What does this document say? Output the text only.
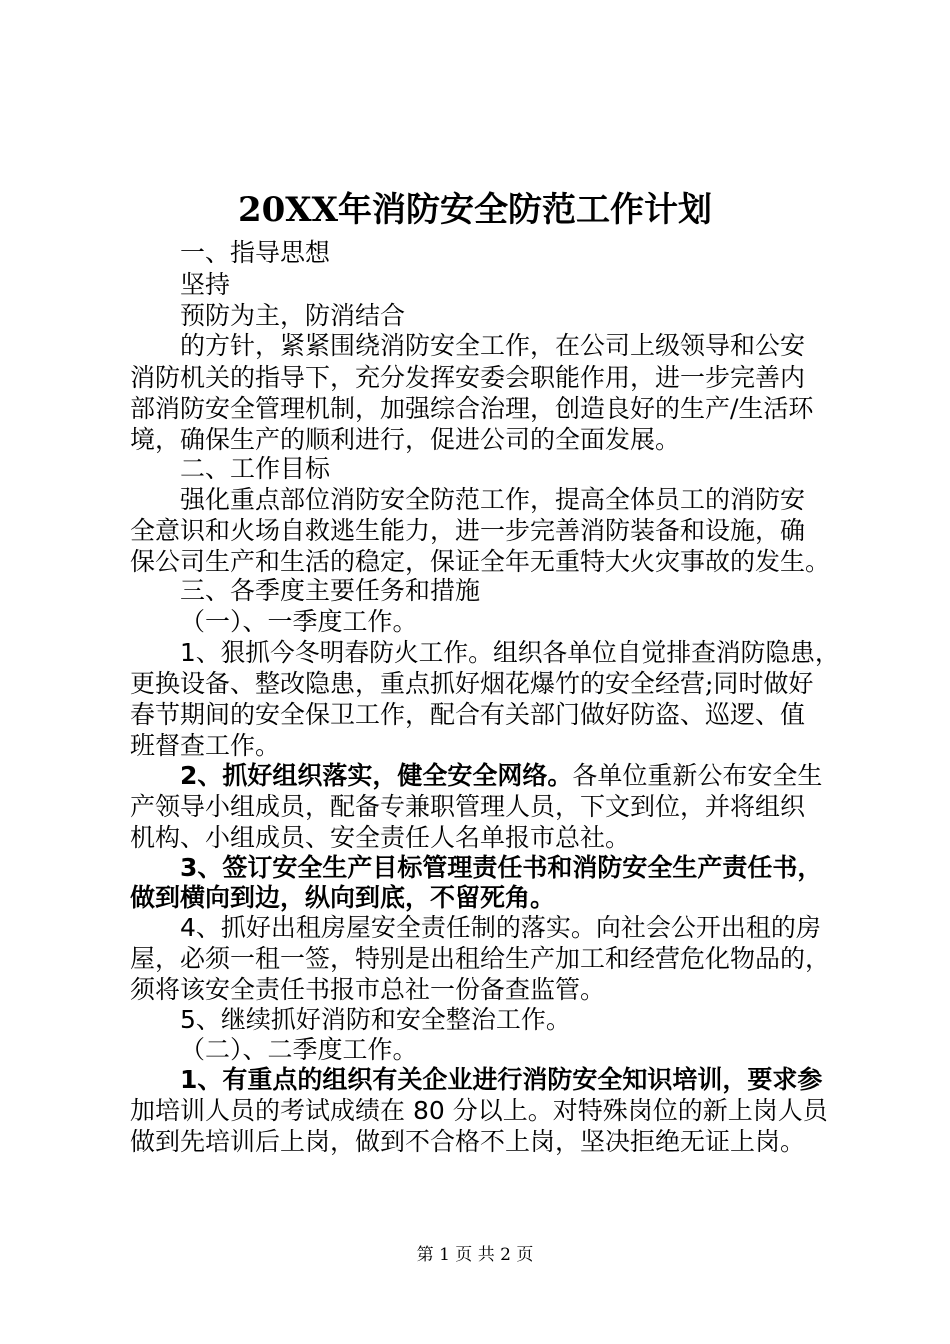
20XX年消防安全防范工作计划
一、指导思想
坚持
预防为主，防消结合
的方针，紧紧围绕消防安全工作，在公司上级领导和公安
消防机关的指导下，充分发挥安委会职能作用，进一步完善内
部消防安全管理机制，加强综合治理，创造良好的生产/生活环
境，确保生产的顺利进行，促进公司的全面发展。
二、工作目标
强化重点部位消防安全防范工作，提高全体员工的消防安
全意识和火场自救逃生能力，进一步完善消防装备和设施，确
保公司生产和生活的稳定，保证全年无重特大火灾事故的发生。
三、各季度主要任务和措施
（一）、一季度工作。
1、狠抓今冬明春防火工作。组织各单位自觉排查消防隐患，
更换设备、整改隐患，重点抓好烟花爆竹的安全经营;同时做好
春节期间的安全保卫工作，配合有关部门做好防盗、巡逻、值
班督查工作。
2、抓好组织落实，健全安全网络。各单位重新公布安全生
产领导小组成员，配备专兼职管理人员，下文到位，并将组织
机构、小组成员、安全责任人名单报市总社。
3、签订安全生产目标管理责任书和消防安全生产责任书，
做到横向到边，纵向到底，不留死角。
4、抓好出租房屋安全责任制的落实。向社会公开出租的房
屋，必须一租一签，特别是出租给生产加工和经营危化物品的，
须将该安全责任书报市总社一份备查监管。
5、继续抓好消防和安全整治工作。
（二）、二季度工作。
1、有重点的组织有关企业进行消防安全知识培训，要求参
加培训人员的考试成绩在 80 分以上。对特殊岗位的新上岗人员
做到先培训后上岗，做到不合格不上岗，坚决拒绝无证上岗。
第 1 页 共 2 页
